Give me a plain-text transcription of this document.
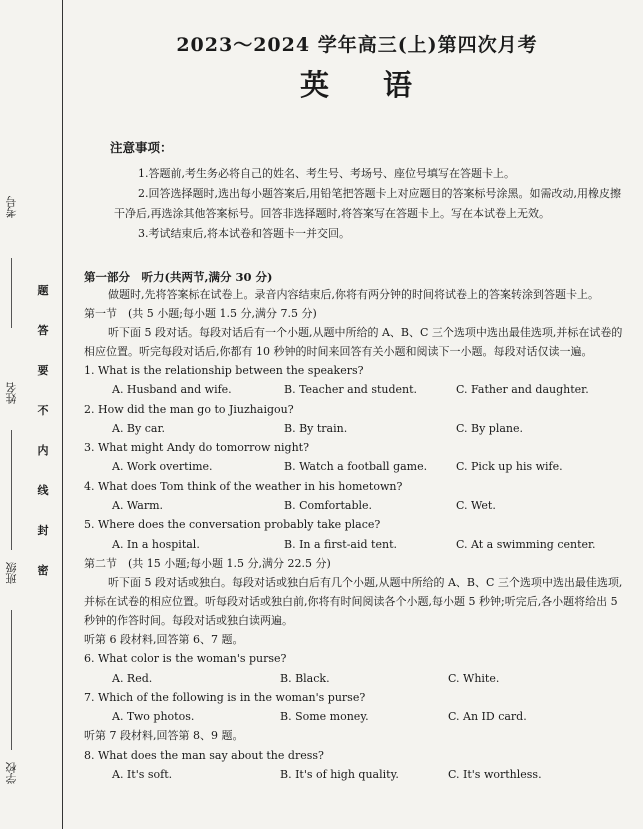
考号
姓名
班级
学校
题
答
要
不
内
线
封
密
2023～2024 学年高三(上)第四次月考
英 语
注意事项：
1.答题前,考生务必将自己的姓名、考生号、考场号、座位号填写在答题卡上。
2.回答选择题时,选出每小题答案后,用铅笔把答题卡上对应题目的答案标号涂黑。如需改动,用橡皮擦干净后,再选涂其他答案标号。回答非选择题时,将答案写在答题卡上。写在本试卷上无效。
3.考试结束后,将本试卷和答题卡一并交回。
第一部分　听力(共两节,满分 30 分)
做题时,先将答案标在试卷上。录音内容结束后,你将有两分钟的时间将试卷上的答案转涂到答题卡上。
第一节　(共 5 小题;每小题 1.5 分,满分 7.5 分)
听下面 5 段对话。每段对话后有一个小题,从题中所给的 A、B、C 三个选项中选出最佳选项,并标在试卷的相应位置。听完每段对话后,你都有 10 秒钟的时间来回答有关小题和阅读下一小题。每段对话仅读一遍。
1. What is the relationship between the speakers?
A. Husband and wife.	B. Teacher and student.	C. Father and daughter.
2. How did the man go to Jiuzhaigou?
A. By car.	B. By train.	C. By plane.
3. What might Andy do tomorrow night?
A. Work overtime.	B. Watch a football game.	C. Pick up his wife.
4. What does Tom think of the weather in his hometown?
A. Warm.	B. Comfortable.	C. Wet.
5. Where does the conversation probably take place?
A. In a hospital.	B. In a first-aid tent.	C. At a swimming center.
第二节　(共 15 小题;每小题 1.5 分,满分 22.5 分)
听下面 5 段对话或独白。每段对话或独白后有几个小题,从题中所给的 A、B、C 三个选项中选出最佳选项,并标在试卷的相应位置。听每段对话或独白前,你将有时间阅读各个小题,每小题 5 秒钟;听完后,各小题将给出 5 秒钟的作答时间。每段对话或独白读两遍。
听第 6 段材料,回答第 6、7 题。
6. What color is the woman's purse?
A. Red.	B. Black.	C. White.
7. Which of the following is in the woman's purse?
A. Two photos.	B. Some money.	C. An ID card.
听第 7 段材料,回答第 8、9 题。
8. What does the man say about the dress?
A. It's soft.	B. It's of high quality.	C. It's worthless.
